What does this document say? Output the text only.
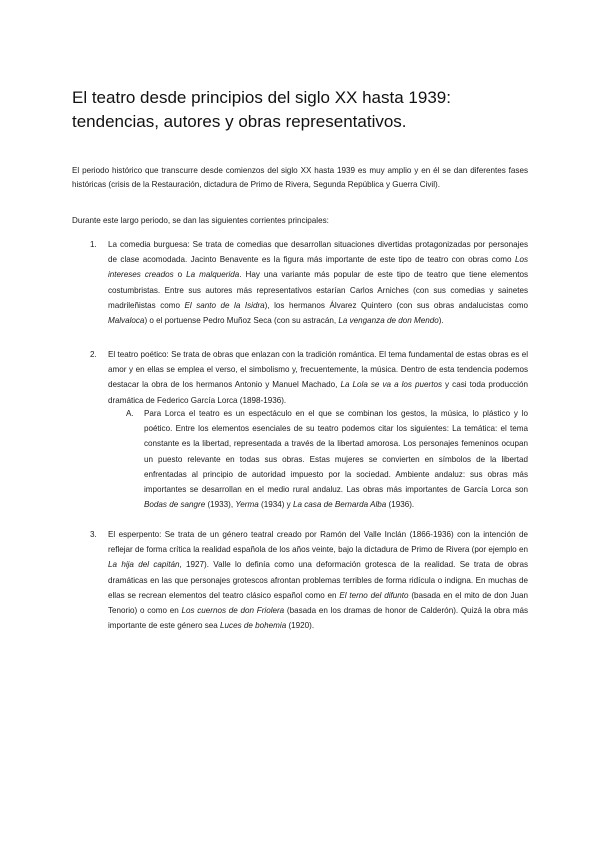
El teatro desde principios del siglo XX hasta 1939: tendencias, autores y obras representativos.

El periodo histórico que transcurre desde comienzos del siglo XX hasta 1939 es muy amplio y en él se dan diferentes fases históricas (crisis de la Restauración, dictadura de Primo de Rivera, Segunda República y Guerra Civil).

Durante este largo periodo, se dan las siguientes corrientes principales:

1. La comedia burguesa: Se trata de comedias que desarrollan situaciones divertidas protagonizadas por personajes de clase acomodada. Jacinto Benavente es la figura más importante de este tipo de teatro con obras como Los intereses creados o La malquerida. Hay una variante más popular de este tipo de teatro que tiene elementos costumbristas. Entre sus autores más representativos estarían Carlos Arniches (con sus comedias y sainetes madrileñistas como El santo de la Isidra), los hermanos Álvarez Quintero (con sus obras andalucistas como Malvaloca) o el portuense Pedro Muñoz Seca (con su astracán, La venganza de don Mendo).
2. El teatro poético: Se trata de obras que enlazan con la tradición romántica. El tema fundamental de estas obras es el amor y en ellas se emplea el verso, el simbolismo y, frecuentemente, la música. Dentro de esta tendencia podemos destacar la obra de los hermanos Antonio y Manuel Machado, La Lola se va a los puertos y casi toda producción dramática de Federico García Lorca (1898-1936).
A. Para Lorca el teatro es un espectáculo en el que se combinan los gestos, la música, lo plástico y lo poético. Entre los elementos esenciales de su teatro podemos citar los siguientes: La temática: el tema constante es la libertad, representada a través de la libertad amorosa. Los personajes femeninos ocupan un puesto relevante en todas sus obras. Estas mujeres se convierten en símbolos de la libertad enfrentadas al principio de autoridad impuesto por la sociedad. Ambiente andaluz: sus obras más importantes se desarrollan en el medio rural andaluz. Las obras más importantes de García Lorca son Bodas de sangre (1933), Yerma (1934) y La casa de Bernarda Alba (1936).
3. El esperpento: Se trata de un género teatral creado por Ramón del Valle Inclán (1866-1936) con la intención de reflejar de forma crítica la realidad española de los años veinte, bajo la dictadura de Primo de Rivera (por ejemplo en La hija del capitán, 1927). Valle lo definía como una deformación grotesca de la realidad. Se trata de obras dramáticas en las que personajes grotescos afrontan problemas terribles de forma ridícula o indigna. En muchas de ellas se recrean elementos del teatro clásico español como en El terno del difunto (basada en el mito de don Juan Tenorio) o como en Los cuernos de don Friolera (basada en los dramas de honor de Calderón). Quizá la obra más importante de este género sea Luces de bohemia (1920).
